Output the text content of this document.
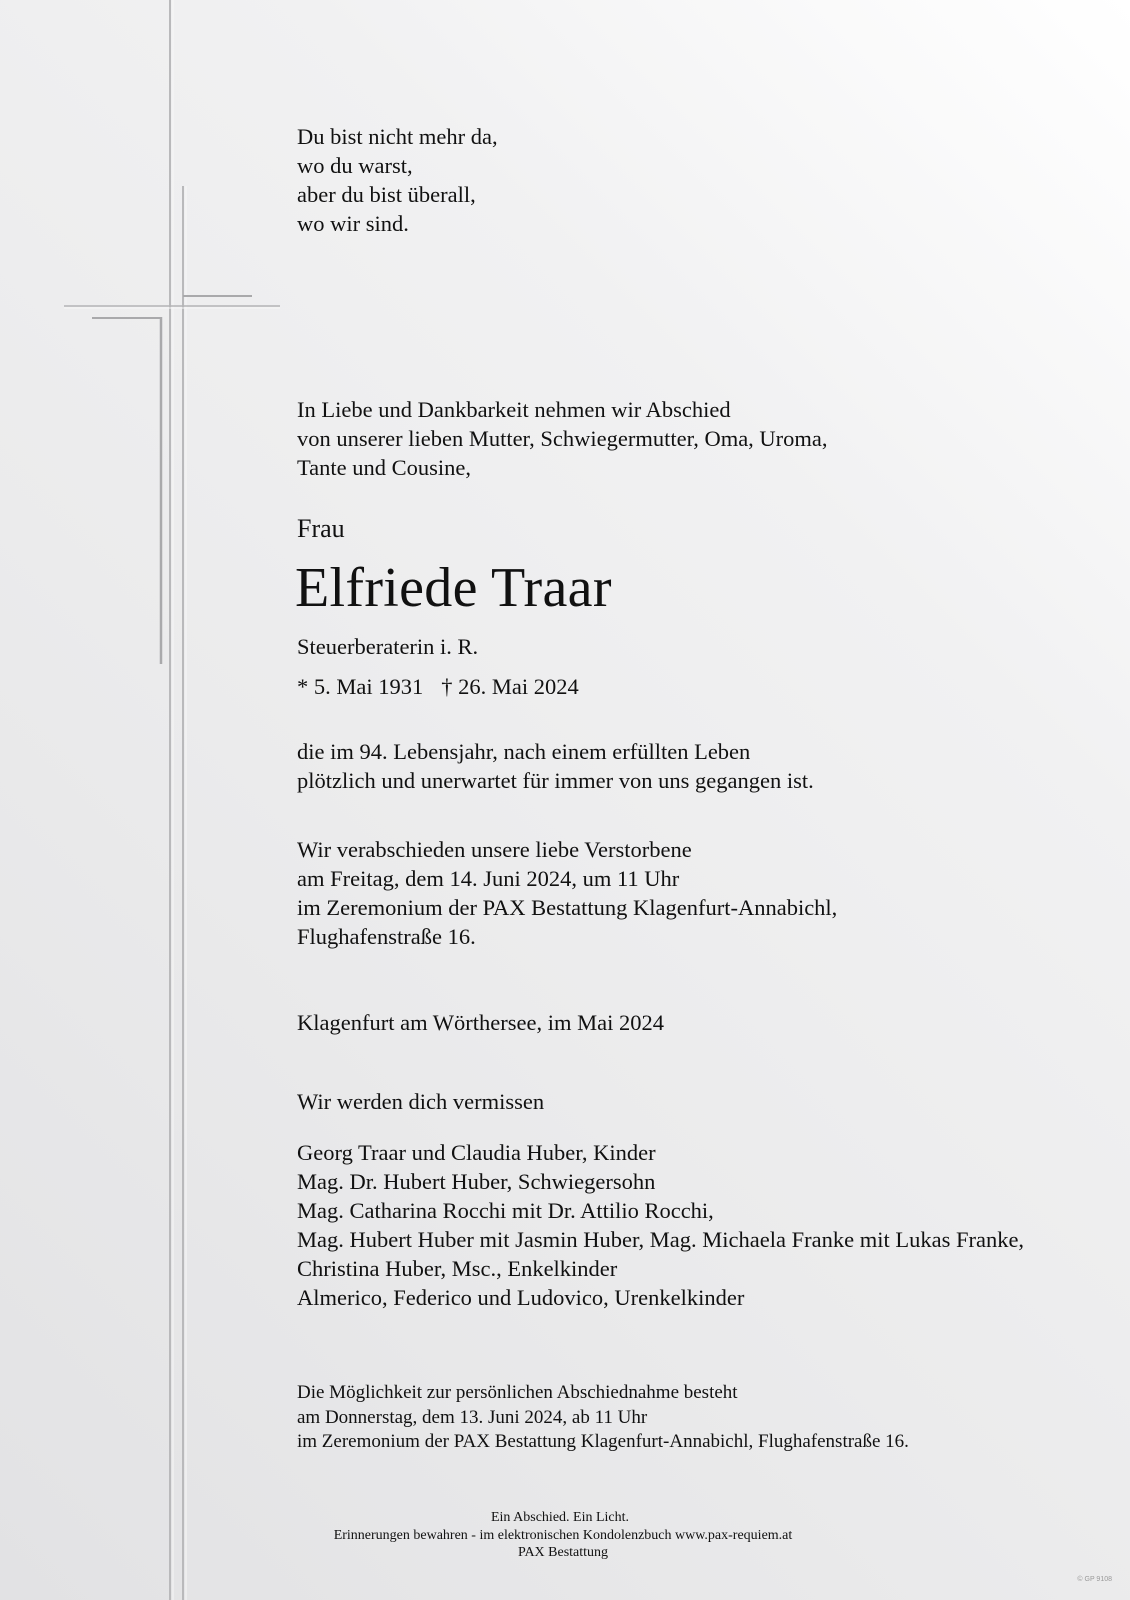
Du bist nicht mehr da,

wo du warst,

aber du bist überall,

wo wir sind.

In Liebe und Dankbarkeit nehmen wir Abschied

von unserer lieben Mutter, Schwiegermutter, Oma, Uroma,

Tante und Cousine,

Frau
Elfriede Traar
Steuerberaterin i. R.
* 5. Mai 1931 † 26. Mai 2024

die im 94. Lebensjahr, nach einem erfüllten Leben

plötzlich und unerwartet für immer von uns gegangen ist.

Wir verabschieden unsere liebe Verstorbene

am Freitag, dem 14. Juni 2024, um 11 Uhr

im Zeremonium der PAX Bestattung Klagenfurt-Annabichl,

Flughafenstraße 16.

Klagenfurt am Wörthersee, im Mai 2024
Wir werden dich vermissen

Georg Traar und Claudia Huber, Kinder

Mag. Dr. Hubert Huber, Schwiegersohn

Mag. Catharina Rocchi mit Dr. Attilio Rocchi,

Mag. Hubert Huber mit Jasmin Huber, Mag. Michaela Franke mit Lukas Franke,

Christina Huber, Msc., Enkelkinder

Almerico, Federico und Ludovico, Urenkelkinder

Die Möglichkeit zur persönlichen Abschiednahme besteht

am Donnerstag, dem 13. Juni 2024, ab 11 Uhr

im Zeremonium der PAX Bestattung Klagenfurt-Annabichl, Flughafenstraße 16.

Ein Abschied. Ein Licht.

Erinnerungen bewahren - im elektronischen Kondolenzbuch www.pax-requiem.at

PAX Bestattung

© GP 9108
